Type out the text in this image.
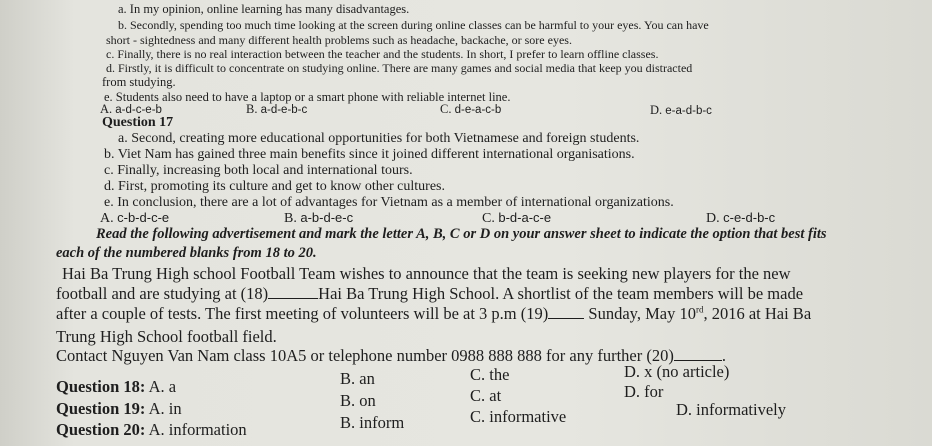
a. In my opinion, online learning has many disadvantages.
b. Secondly, spending too much time looking at the screen during online classes can be harmful to your eyes. You can have
short - sightedness and many different health problems such as headache, backache, or sore eyes.
c. Finally, there is no real interaction between the teacher and the students. In short, I prefer to learn offline classes.
d. Firstly, it is difficult to concentrate on studying online. There are many games and social media that keep you distracted
from studying.
e. Students also need to have a laptop or a smart phone with reliable internet line.
A. a-d-c-e-b	B. a-d-e-b-c	C. d-e-a-c-b	D. e-a-d-b-c
Question 17
a. Second, creating more educational opportunities for both Vietnamese and foreign students.
b. Viet Nam has gained three main benefits since it joined different international organisations.
c. Finally, increasing both local and international tours.
d. First, promoting its culture and get to know other cultures.
e. In conclusion, there are a lot of advantages for Vietnam as a member of international organizations.
A. c-b-d-c-e	B. a-b-d-e-c	C. b-d-a-c-e	D. c-e-d-b-c
Read the following advertisement and mark the letter A, B, C or D on your answer sheet to indicate the option that best fits
each of the numbered blanks from 18 to 20.
Hai Ba Trung High school Football Team wishes to announce that the team is seeking new players for the new
football and are studying at (18)	Hai Ba Trung High School. A shortlist of the team members will be made
after a couple of tests. The first meeting of volunteers will be at 3 p.m (19) Sunday, May 10rd, 2016 at Hai Ba
Trung High School football field.
Contact Nguyen Van Nam class 10A5 or telephone number 0988 888 888 for any further (20)	.
Question 18: A. a	B. an	C. the	D. x (no article)
Question 19: A. in	B. on	C. at	D. for
Question 20: A. information	B. inform	C. informative	D. informatively
